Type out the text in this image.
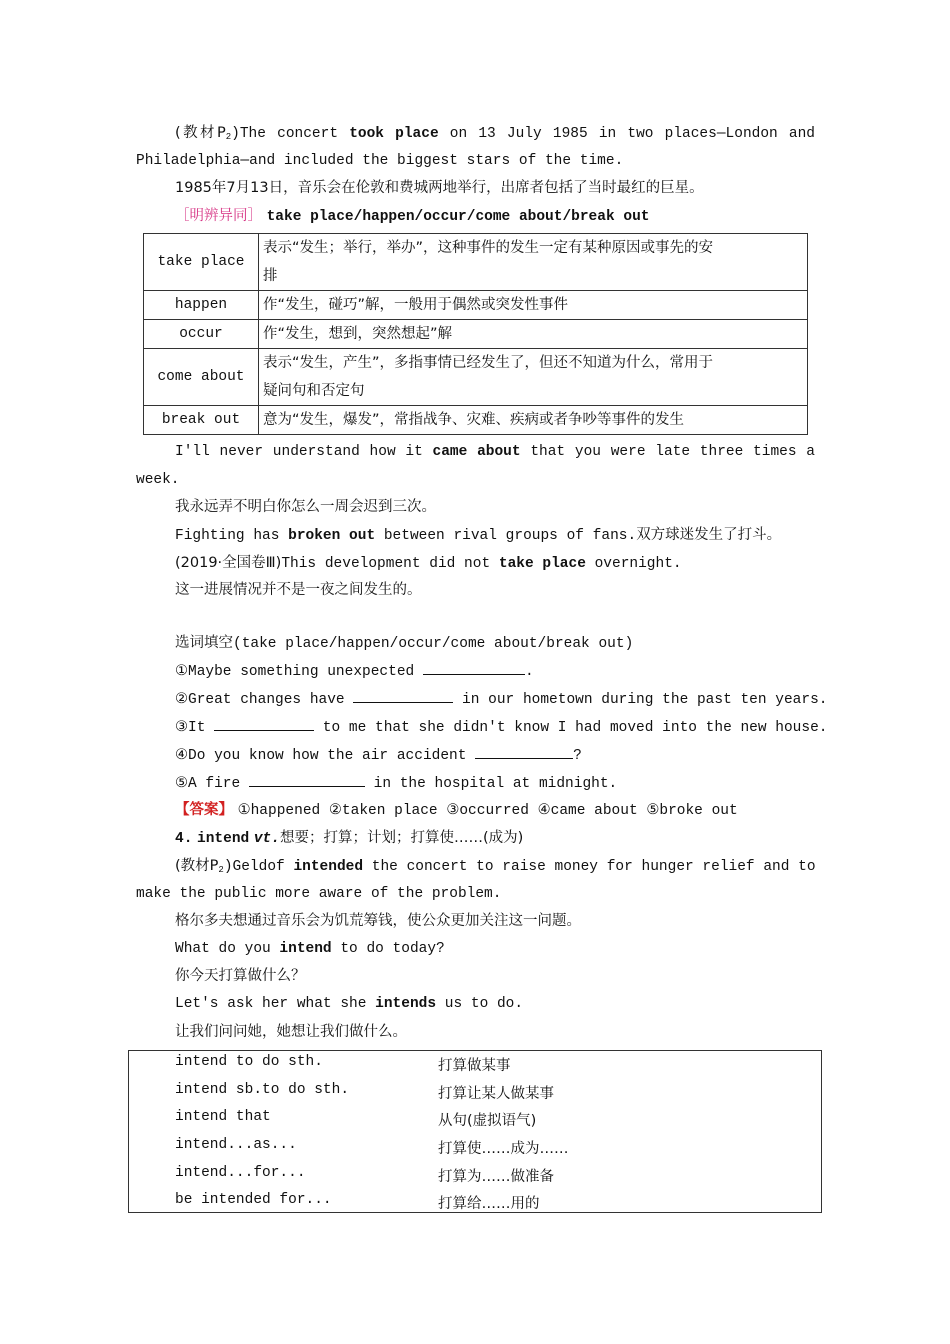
(教材$P_2)The$ concert took place on 13 July 1985 in two places—London and
Philadelphia—and included the biggest stars of the time.
1985年7月13日，音乐会在伦敦和费城两地举行，出席者包括了当时最红的巨星。
［明辨异同］ take place/happen/occur/come about/break out
take place	表示“发生；举行，举办”，这种事件的发生一定有某种原因或事先的安
排

happen	作“发生，碰巧”解，一般用于偶然或突发性事件
occur	作“发生，想到，突然想起”解
come about	表示“发生，产生”，多指事情已经发生了，但还不知道为什么，常用于
疑问句和否定句

break out	意为“发生，爆发”，常指战争、灾难、疾病或者争吵等事件的发生
I'll never understand how it came about that you were late three times a
week.
我永远弄不明白你怎么一周会迟到三次。
Fighting has broken out between rival groups of fans.双方球迷发生了打斗。
(2019·全国卷Ⅲ)This development did not take place overnight.
这一进展情况并不是一夜之间发生的。
选词填空(take place/happen/occur/come about/break out)
①Maybe something unexpected	.
②Great changes have	in our hometown during the past ten years.
③It	to me that she didn't know I had moved into the new house.
④Do you know how the air accident	?
⑤A fire	in the hospital at midnight.
【答案】 ①happened ②taken place ③occurred ④came about ⑤broke out
4. intend vt.想要；打算；计划；打算使……(成为)
(教材$P_2)Geldof$ intended the concert to raise money for hunger relief and to
make the public more aware of the problem.
格尔多夫想通过音乐会为饥荒筹钱，使公众更加关注这一问题。
What do you intend to do today?
你今天打算做什么？
Let's ask her what she intends us to do.
让我们问问她，她想让我们做什么。
intend to do sth.	打算做某事
intend sb.to do sth.	打算让某人做某事
intend that	从句(虚拟语气)
intend...as...	打算使……成为……
intend...for...	打算为……做准备
be intended for...	打算给……用的
